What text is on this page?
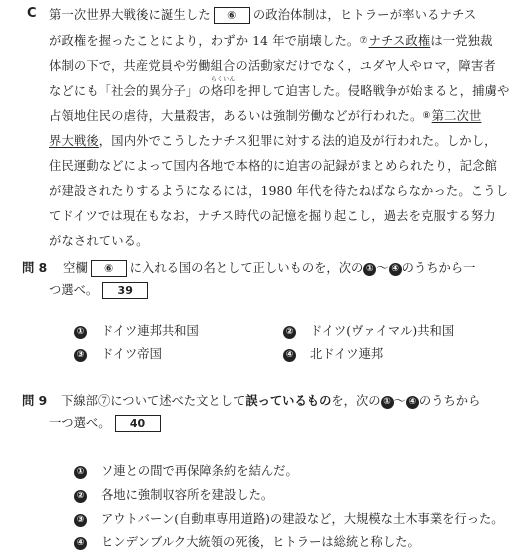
C 第一次世界大戦後に誕生した ⑥ の政治体制は，ヒトラーが率いるナチス
が政権を握ったことにより，わずか 14 年で崩壊した。⑦ナチス政権は一党独裁
体制の下で，共産党員や労働組合の活動家だけでなく，ユダヤ人やロマ，障害者
などにも「社会的異分子」の
らくいん
烙印を押して迫害した。侵略戦争が始まると，捕虜や
占領地住民の虐待，大量殺害，あるいは強制労働などが行われた。⑧第二次世
界大戦後，国内外でこうしたナチス犯罪に対する法的追及が行われた。しかし，
住民運動などによって国内各地で本格的に迫害の記録がまとめられたり，記念館
が建設されたりするようになるには，1980 年代を待たねばならなかった。こうし
てドイツでは現在もなお，ナチス時代の記憶を掘り起こし，過去を克服する努力
がなされている。
問 8 空欄 ⑥ に入れる国の名として正しいものを，次の ① ～ ④ のうちから一
つ選べ。 39
① ドイツ連邦共和国	② ドイツ(ヴァイマル)共和国
③ ドイツ帝国	④ 北ドイツ連邦
問 9 下線部⑦について述べた文として誤っているものを，次の ① ～ ④ のうちから
一つ選べ。 40
① ソ連との間で再保障条約を結んだ。
② 各地に強制収容所を建設した。
③ アウトバーン(自動車専用道路)の建設など，大規模な土木事業を行った。
④ ヒンデンブルク大統領の死後，ヒトラーは総統と称した。
